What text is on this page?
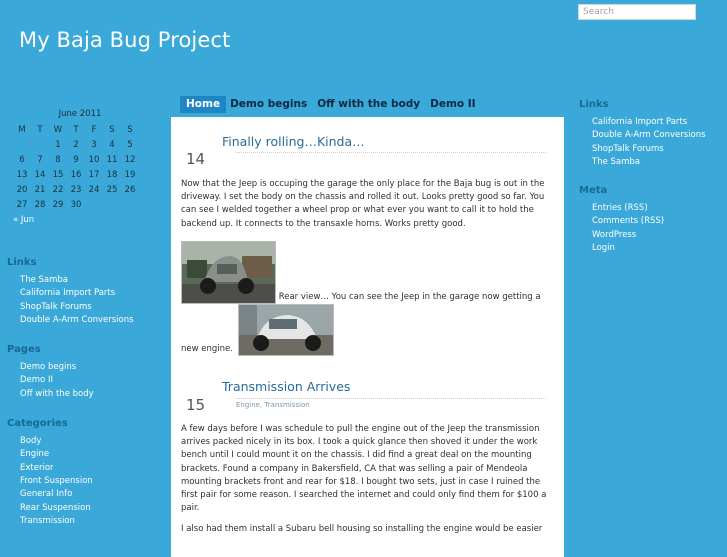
My Baja Bug Project
Search
Home Demo begins Off with the body Demo II
June 2011
M	T	W	T	F	S	S
		1	2	3	4	5
6	7	8	9	10	11	12
13	14	15	16	17	18	19
20	21	22	23	24	25	26
27	28	29	30			
« Jun
Links
The Samba
California Import Parts
ShopTalk Forums
Double A-Arm Conversions
Pages
Demo begins
Demo II
Off with the body
Categories
Body
Engine
Exterior
Front Suspension
General Info
Rear Suspension
Transmission
Links
California Import Parts
Double A-Arm Conversions
ShopTalk Forums
The Samba
Meta
Entries (RSS)
Comments (RSS)
WordPress
Login
14
Finally rolling…Kinda…
General Info	9 Comments »

Now that the Jeep is occuping the garage the only place for the Baja bug is out in the driveway. I set the body on the chassis and rolled it out. Looks pretty good so far. You can see I welded together a wheel prop or what ever you want to call it to hold the backend up. It connects to the transaxle horns. Works pretty good.

Rear view… You can see the Jeep in the garage now getting a
new engine.
15
Transmission Arrives
Engine, Transmission	1 Comment »

A few days before I was schedule to pull the engine out of the Jeep the transmission arrives packed nicely in its box. I took a quick glance then shoved it under the work bench until I could mount it on the chassis. I did find a great deal on the mounting brackets. Found a company in Bakersfield, CA that was selling a pair of Mendeola mounting brackets front and rear for $18. I bought two sets, just in case I ruined the first pair for some reason. I searched the internet and could only find them for $100 a pair.

I also had them install a Subaru bell housing so installing the engine would be easier
